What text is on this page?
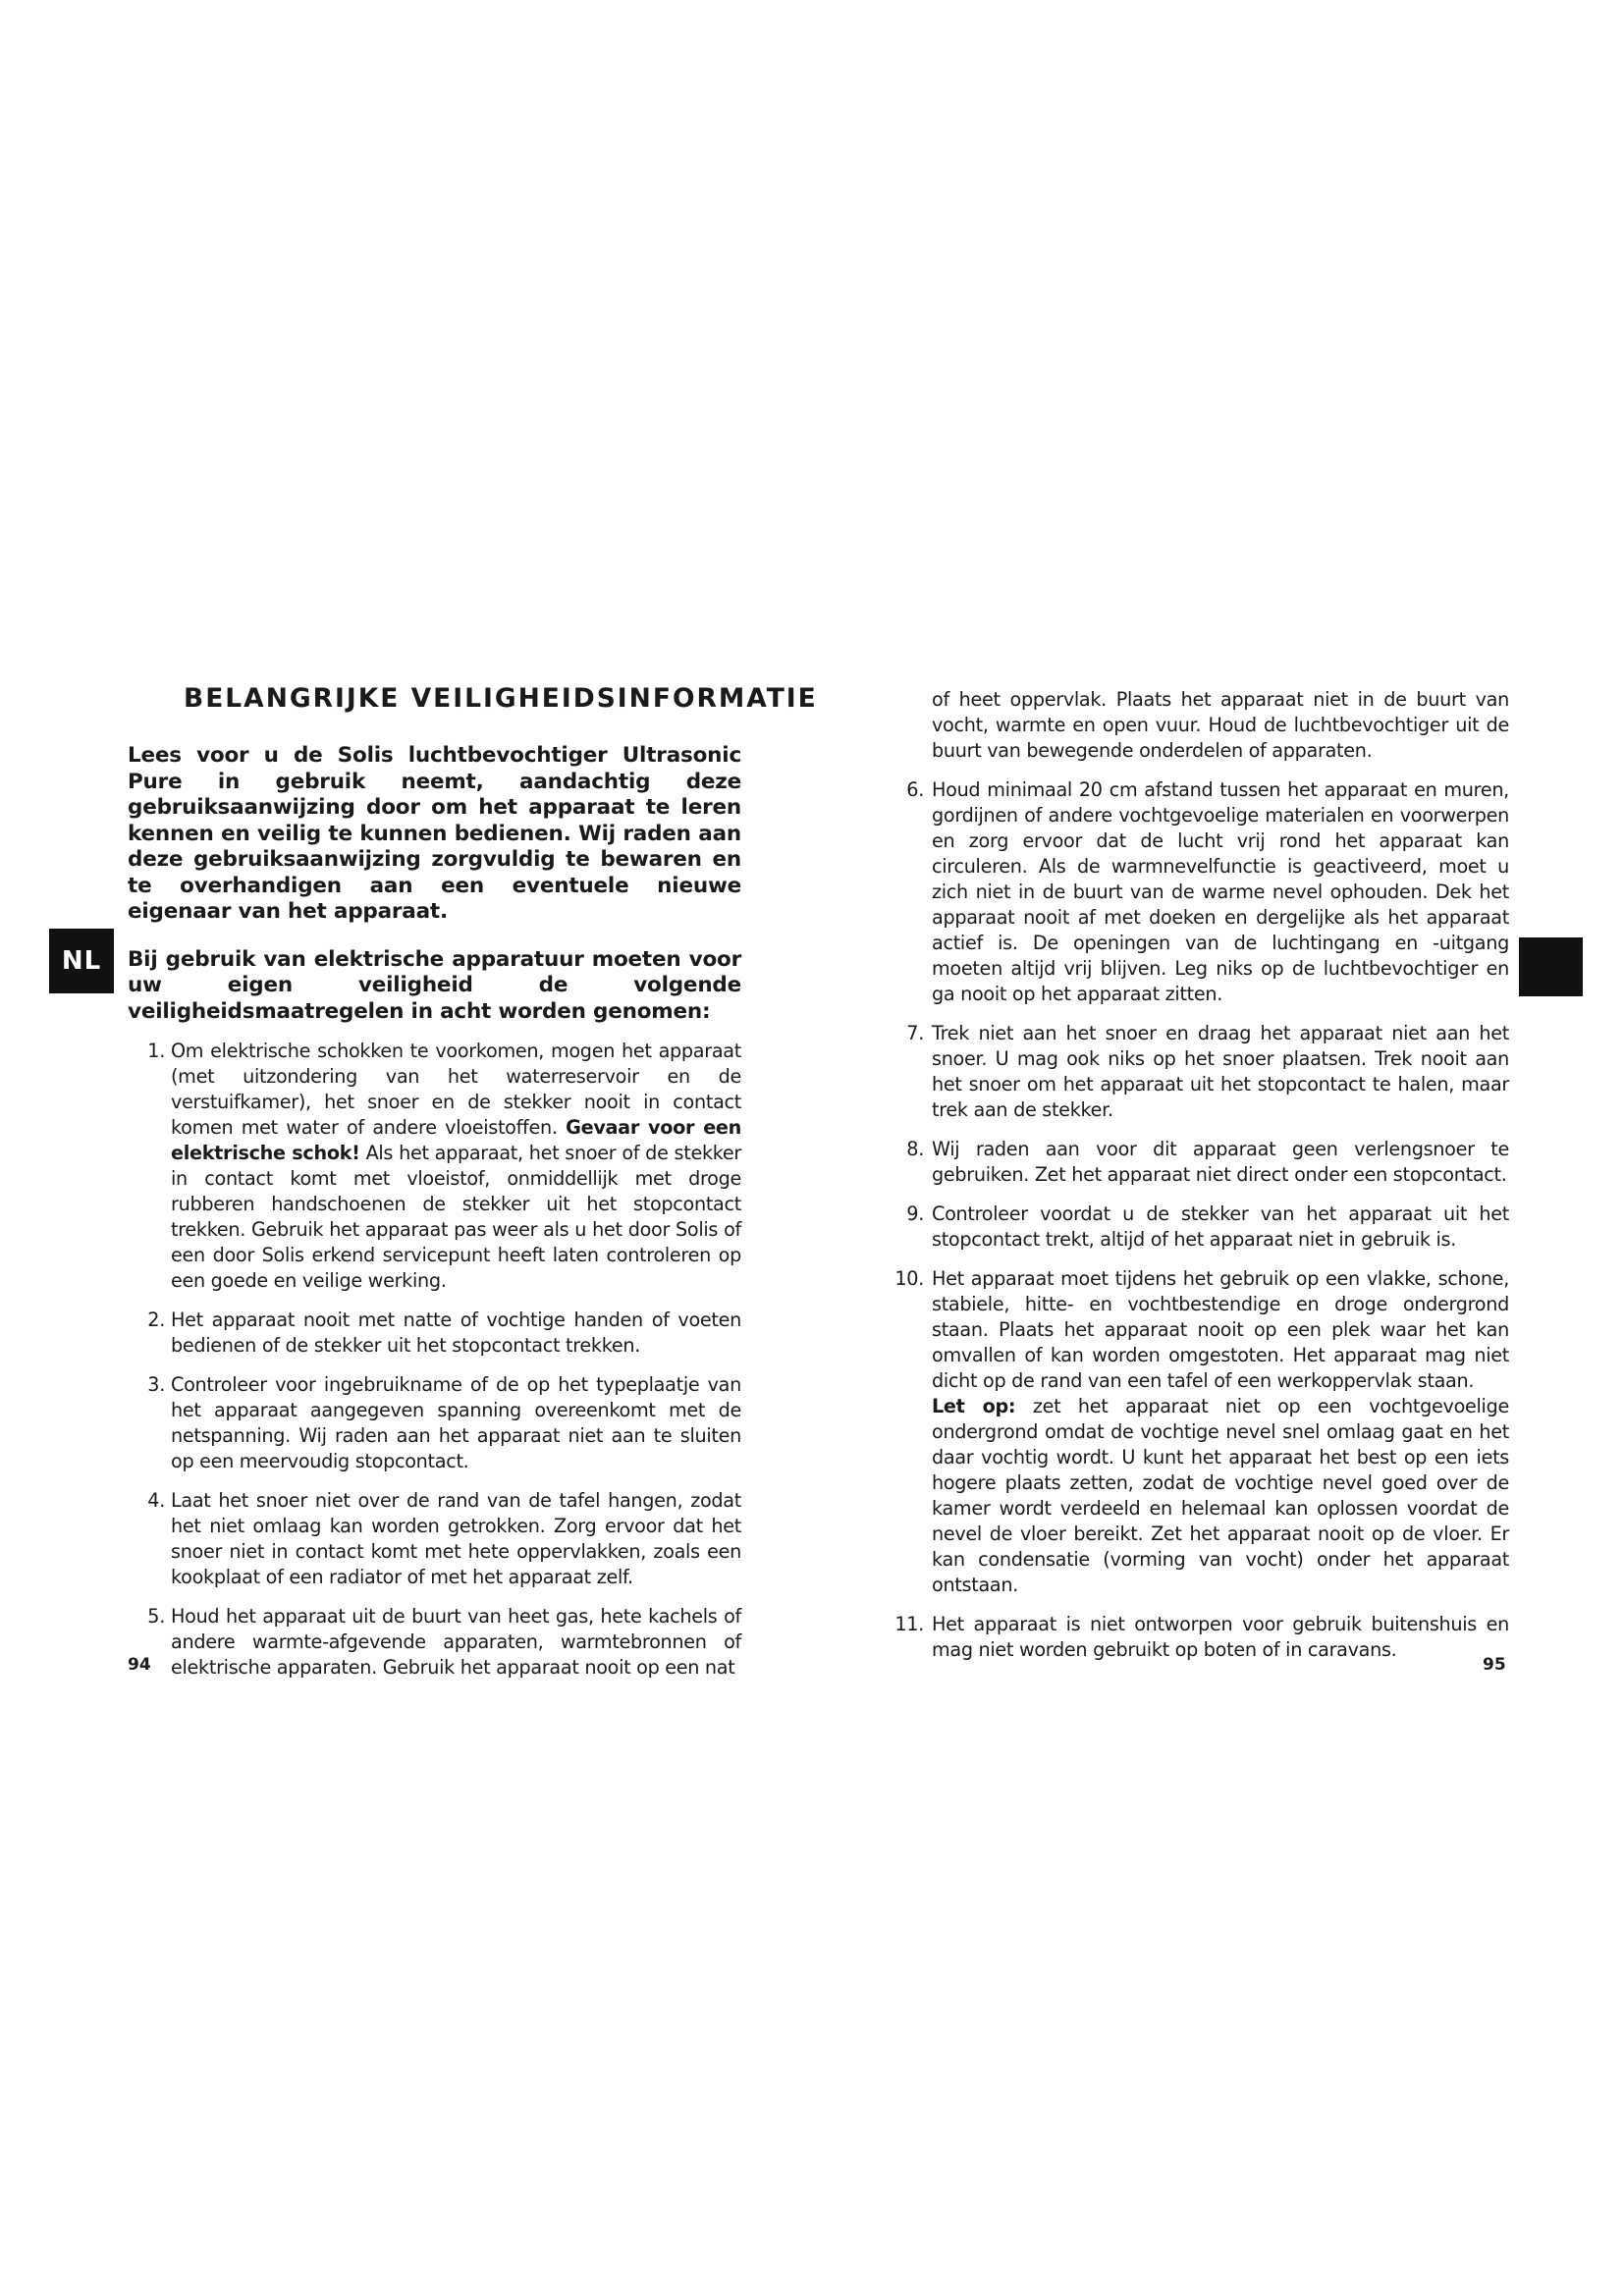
NL
BELANGRIJKE VEILIGHEIDSINFORMATIE

Lees voor u de Solis luchtbevochtiger Ultrasonic Pure in gebruik neemt, aandachtig deze gebruiksaanwijzing door om het apparaat te leren kennen en veilig te kunnen bedienen. Wij raden aan deze gebruiksaanwijzing zorgvuldig te bewaren en te overhandigen aan een eventuele nieuwe eigenaar van het apparaat.

Bij gebruik van elektrische apparatuur moeten voor uw eigen veiligheid de volgende veiligheidsmaatregelen in acht worden genomen:

1. Om elektrische schokken te voorkomen, mogen het apparaat (met uitzondering van het waterreservoir en de verstuifkamer), het snoer en de stekker nooit in contact komen met water of andere vloeistoffen. Gevaar voor een elektrische schok! Als het apparaat, het snoer of de stekker in contact komt met vloeistof, onmiddellijk met droge rubberen handschoenen de stekker uit het stopcontact trekken. Gebruik het apparaat pas weer als u het door Solis of een door Solis erkend servicepunt heeft laten controleren op een goede en veilige werking.
2. Het apparaat nooit met natte of vochtige handen of voeten bedienen of de stekker uit het stopcontact trekken.
3. Controleer voor ingebruikname of de op het typeplaatje van het apparaat aangegeven spanning overeenkomt met de netspanning. Wij raden aan het apparaat niet aan te sluiten op een meervoudig stopcontact.
4. Laat het snoer niet over de rand van de tafel hangen, zodat het niet omlaag kan worden getrokken. Zorg ervoor dat het snoer niet in contact komt met hete oppervlakken, zoals een kookplaat of een radiator of met het apparaat zelf.
5. Houd het apparaat uit de buurt van heet gas, hete kachels of andere warmte-afgevende apparaten, warmtebronnen of elektrische apparaten. Gebruik het apparaat nooit op een nat
94

of heet oppervlak. Plaats het apparaat niet in de buurt van vocht, warmte en open vuur. Houd de luchtbevochtiger uit de buurt van bewegende onderdelen of apparaten.

6. Houd minimaal 20 cm afstand tussen het apparaat en muren, gordijnen of andere vochtgevoelige materialen en voorwerpen en zorg ervoor dat de lucht vrij rond het apparaat kan circuleren. Als de warmnevelfunctie is geactiveerd, moet u zich niet in de buurt van de warme nevel ophouden. Dek het apparaat nooit af met doeken en dergelijke als het apparaat actief is. De openingen van de luchtingang en -uitgang moeten altijd vrij blijven. Leg niks op de luchtbevochtiger en ga nooit op het apparaat zitten.
7. Trek niet aan het snoer en draag het apparaat niet aan het snoer. U mag ook niks op het snoer plaatsen. Trek nooit aan het snoer om het apparaat uit het stopcontact te halen, maar trek aan de stekker.
8. Wij raden aan voor dit apparaat geen verlengsnoer te gebruiken. Zet het apparaat niet direct onder een stopcontact.
9. Controleer voordat u de stekker van het apparaat uit het stopcontact trekt, altijd of het apparaat niet in gebruik is.
10. Het apparaat moet tijdens het gebruik op een vlakke, schone, stabiele, hitte- en vochtbestendige en droge ondergrond staan. Plaats het apparaat nooit op een plek waar het kan omvallen of kan worden omgestoten. Het apparaat mag niet dicht op de rand van een tafel of een werkoppervlak staan.
Let op: zet het apparaat niet op een vochtgevoelige ondergrond omdat de vochtige nevel snel omlaag gaat en het daar vochtig wordt. U kunt het apparaat het best op een iets hogere plaats zetten, zodat de vochtige nevel goed over de kamer wordt verdeeld en helemaal kan oplossen voordat de nevel de vloer bereikt. Zet het apparaat nooit op de vloer. Er kan condensatie (vorming van vocht) onder het apparaat ontstaan.
11. Het apparaat is niet ontworpen voor gebruik buitenshuis en mag niet worden gebruikt op boten of in caravans.
95
